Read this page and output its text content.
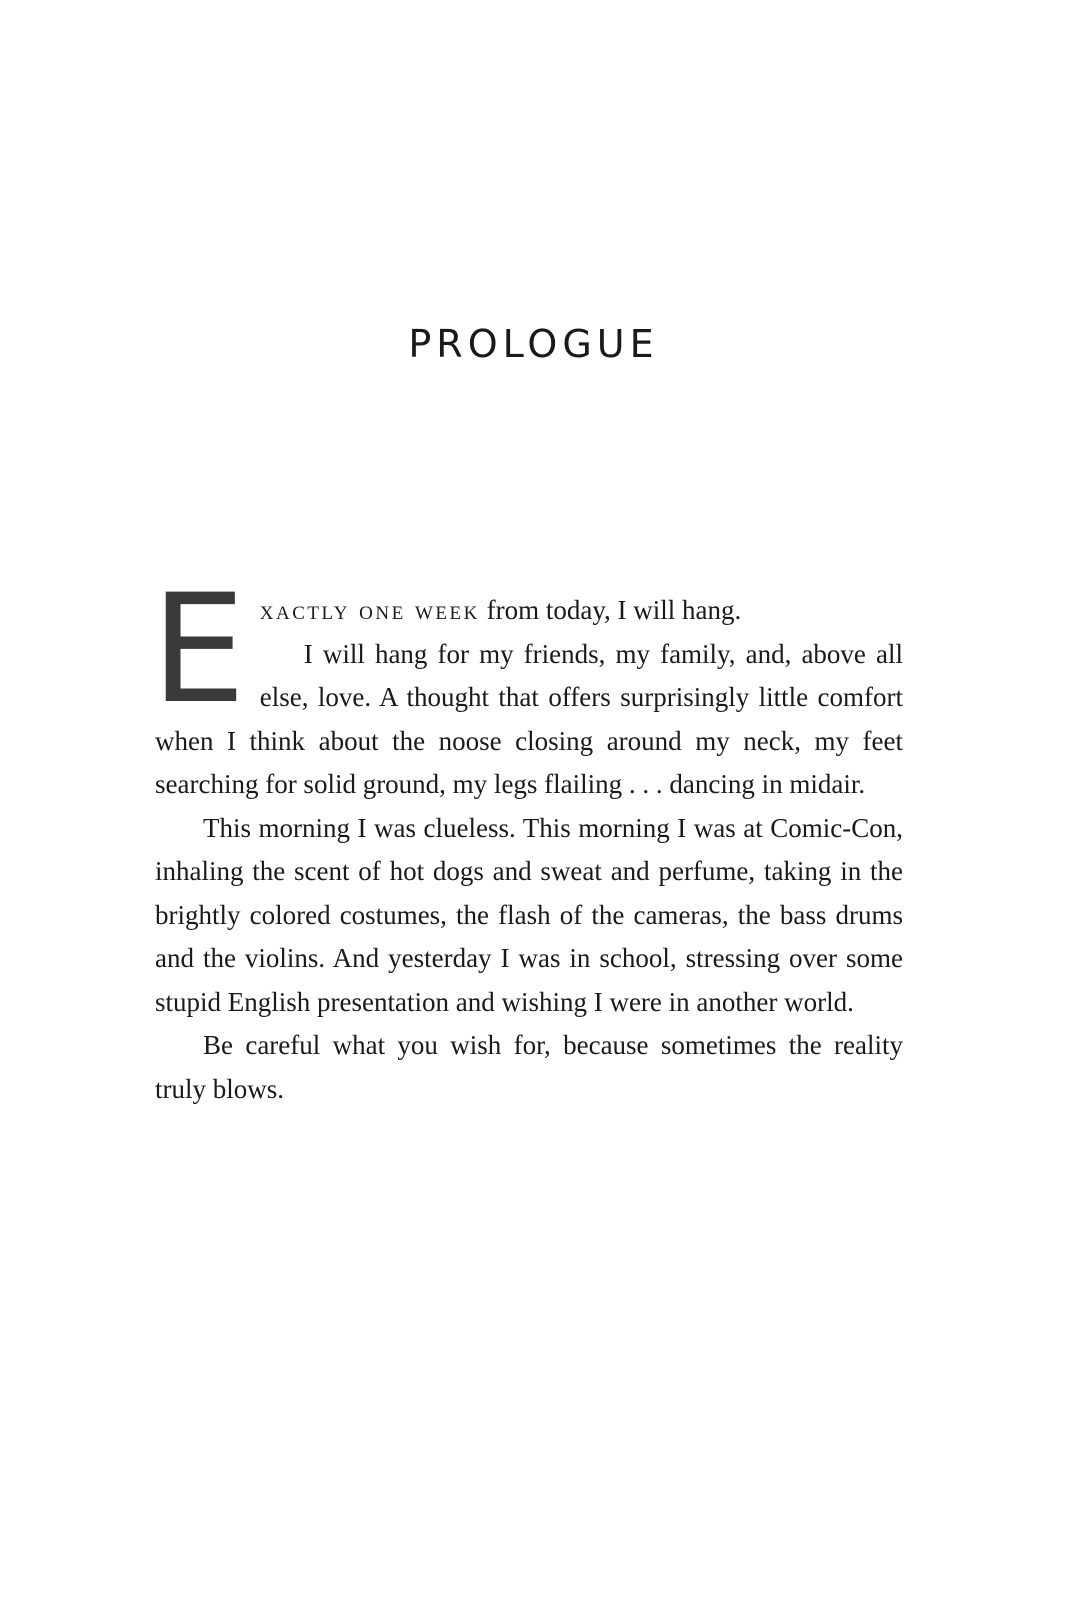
PROLOGUE

Exactly one week from today, I will hang.
I will hang for my friends, my family, and, above all else, love. A thought that offers surprisingly little comfort when I think about the noose closing around my neck, my feet searching for solid ground, my legs flailing . . . dancing in midair.

This morning I was clueless. This morning I was at Comic-Con, inhaling the scent of hot dogs and sweat and perfume, taking in the brightly colored costumes, the flash of the cameras, the bass drums and the violins. And yesterday I was in school, stressing over some stupid English presentation and wishing I were in another world.

Be careful what you wish for, because sometimes the reality truly blows.
